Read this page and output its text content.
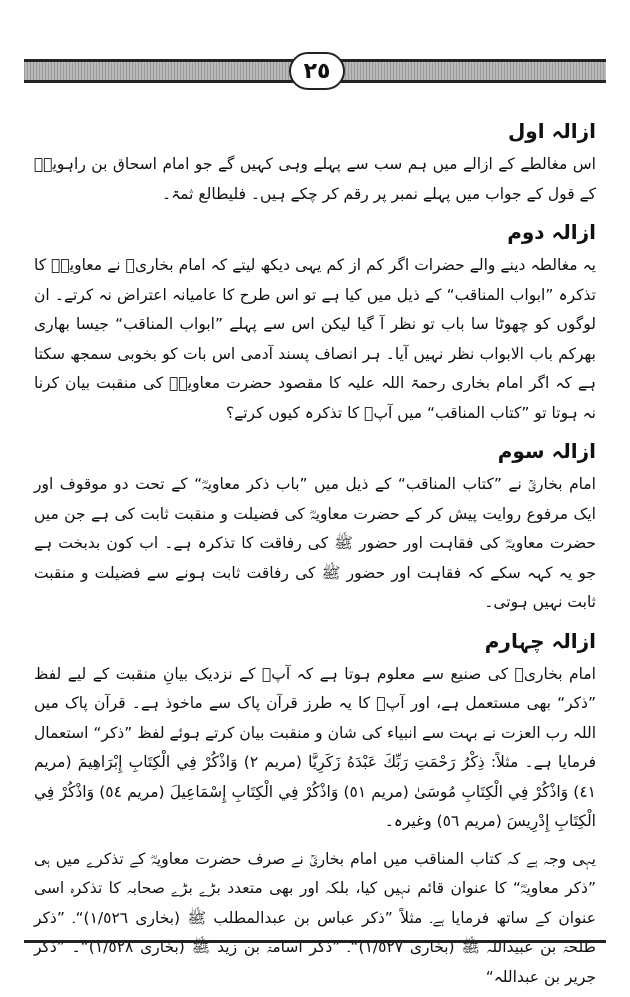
٢٥
ازالہ اول

اس مغالطے کے ازالے میں ہم سب سے پہلے وہی کہیں گے جو امام اسحاق بن راہویہؒ کے قول کے جواب میں پہلے نمبر پر رقم کر چکے ہیں۔ فلیطالع ثمۃ۔

ازالہ دوم

یہ مغالطہ دینے والے حضرات اگر کم از کم یہی دیکھ لیتے کہ امام بخاریؒ نے معاویہؓ کا تذکرہ ”ابواب المناقب“ کے ذیل میں کیا ہے تو اس طرح کا عامیانہ اعتراض نہ کرتے۔ ان لوگوں کو چھوٹا سا باب تو نظر آ گیا لیکن اس سے پہلے ”ابواب المناقب“ جیسا بھاری بھرکم باب الابواب نظر نہیں آیا۔ ہر انصاف پسند آدمی اس بات کو بخوبی سمجھ سکتا ہے کہ اگر امام بخاری رحمۃ اللہ علیہ کا مقصود حضرت معاویہؓ کی منقبت بیان کرنا نہ ہوتا تو ”کتاب المناقب“ میں آپؓ کا تذکرہ کیوں کرتے؟

ازالہ سوم

امام بخاریؒ نے ”کتاب المناقب“ کے ذیل میں ”باب ذکر معاویہؓ“ کے تحت دو موقوف اور ایک مرفوع روایت پیش کر کے حضرت معاویہؓ کی فضیلت و منقبت ثابت کی ہے جن میں حضرت معاویہؓ کی فقاہت اور حضور ﷺ کی رفاقت کا تذکرہ ہے۔ اب کون بدبخت ہے جو یہ کہہ سکے کہ فقاہت اور حضور ﷺ کی رفاقت ثابت ہونے سے فضیلت و منقبت ثابت نہیں ہوتی۔

ازالہ چہارم

امام بخاریؒ کی صنیع سے معلوم ہوتا ہے کہ آپؒ کے نزدیک بیانِ منقبت کے لیے لفظ ”ذکر“ بھی مستعمل ہے، اور آپؒ کا یہ طرز قرآن پاک سے ماخوذ ہے۔ قرآن پاک میں اللہ رب العزت نے بہت سے انبیاء کی شان و منقبت بیان کرتے ہوئے لفظ ”ذکر“ استعمال فرمایا ہے۔ مثلاً: ذِكْرُ رَحْمَتِ رَبِّكَ عَبْدَهُ زَكَرِيَّا (مریم ٢) وَاذْكُرْ فِي الْكِتَابِ إِبْرَاهِيمَ (مریم ٤١) وَاذْكُرْ فِي الْكِتَابِ مُوسَىٰ (مریم ٥١) وَاذْكُرْ فِي الْكِتَابِ إِسْمَاعِيلَ (مریم ٥٤) وَاذْكُرْ فِي الْكِتَابِ إِدْرِيسَ (مریم ٥٦) وغیرہ۔

یہی وجہ ہے کہ کتاب المناقب میں امام بخاریؒ نے صرف حضرت معاویہؓ کے تذکرے میں ہی ”ذکر معاویہؓ“ کا عنوان قائم نہیں کیا، بلکہ اور بھی متعدد بڑے بڑے صحابہ کا تذکرہ اسی عنوان کے ساتھ فرمایا ہے۔ مثلاً ”ذکر عباس بن عبدالمطلب ﷺ (بخاری ١/٥٢٦)“۔ ”ذکر طلحۃ بن عبیداللہ ﷺ (بخاری ١/٥٢٧)“۔ ”ذکر اسامۃ بن زید ﷺ (بخاری ١/٥٢٨)“۔ ”ذکر جریر بن عبداللہ“
